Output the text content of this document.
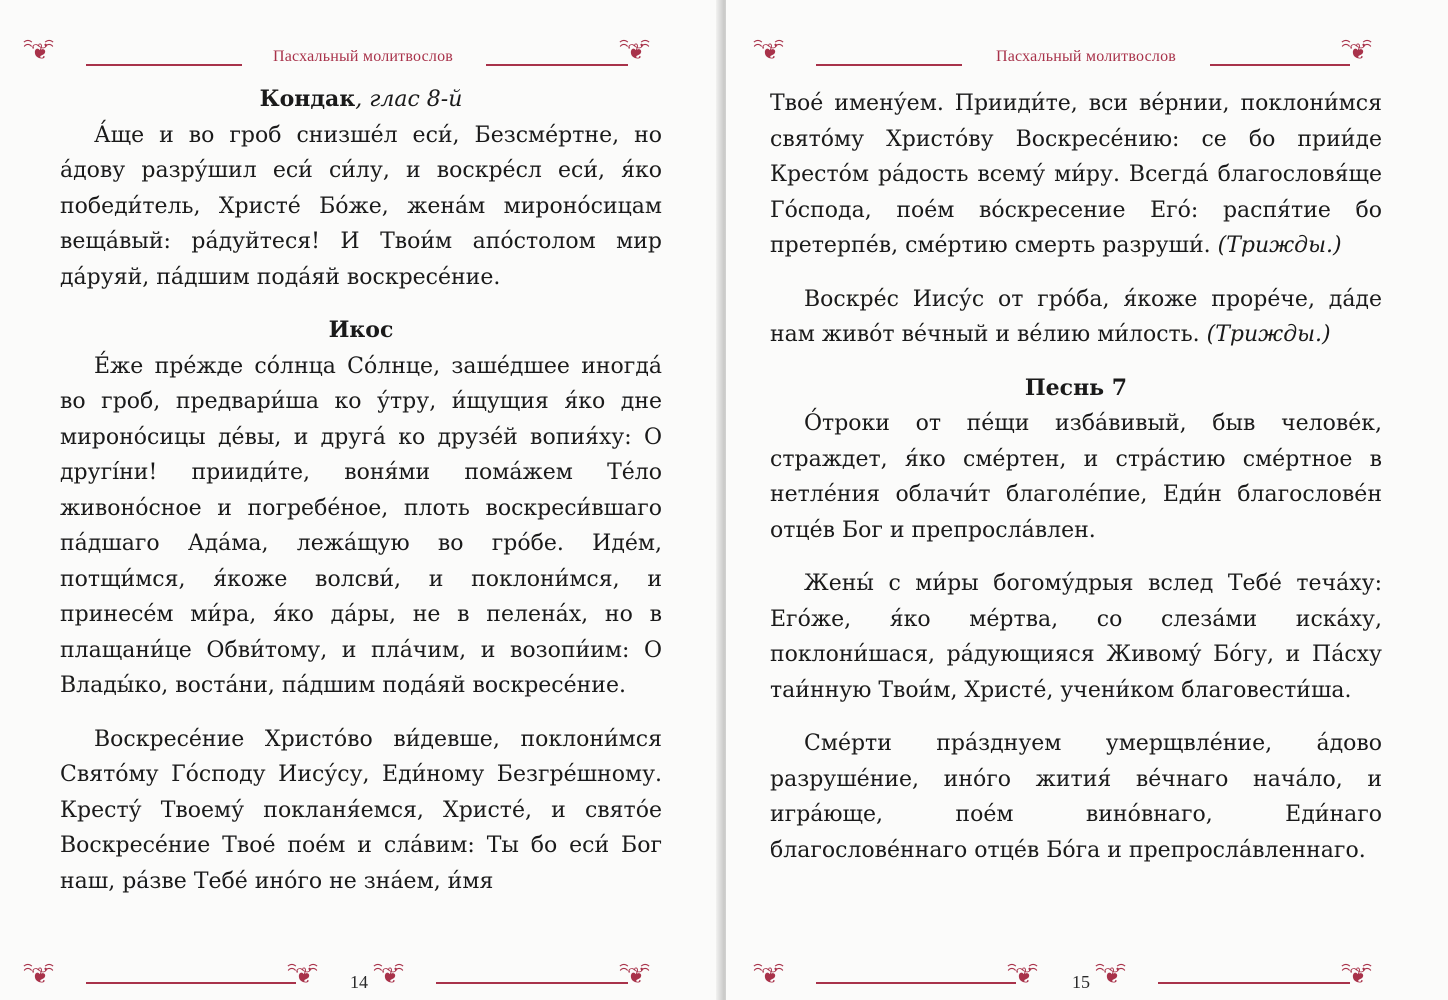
ꩰ❦ꩰ	Пасхальный молитвослов	ꩰ❦ꩰ
Кондак, глас 8-й

А́ще и во гроб снизше́л еси́, Безсме́ртне, но а́дову разру́шил еси́ си́лу, и воскре́сл еси́, я́ко победи́тель, Христе́ Бо́же, жена́м мироно́сицам веща́вый: ра́дуйтеся! И Твои́м апо́столом мир да́руяй, па́дшим пода́яй воскресе́ние.

Икос

Е́же пре́жде со́лнца Со́лнце, заше́дшее иногда́ во гроб, предвари́ша ко у́тру, и́щущия я́ко дне мироно́сицы де́вы, и друга́ ко друзе́й вопия́ху: О другíни! прииди́те, воня́ми пома́жем Те́ло живоно́сное и погребе́ное, плоть воскреси́вшаго па́дшаго Ада́ма, лежа́щую во гро́бе. Иде́м, потщи́мся, я́коже волсви́, и поклони́мся, и принесе́м ми́ра, я́ко да́ры, не в пелена́х, но в плащани́це Обви́тому, и пла́чим, и возопи́им: О Влады́ко, воста́ни, па́дшим пода́яй воскресе́ние.

Воскресе́ние Христо́во ви́девше, поклони́мся Свято́му Го́споду Иису́су, Еди́ному Безгре́шному. Кресту́ Твоему́ покланя́емся, Христе́, и свято́е Воскресе́ние Твое́ пое́м и сла́вим: Ты бо еси́ Бог наш, ра́зве Тебе́ ино́го не зна́ем, и́мя

ꩰ❦ꩰ	ꩰ❦ꩰ 14 ꩰ❦ꩰ	ꩰ❦ꩰ
ꩰ❦ꩰ	Пасхальный молитвослов	ꩰ❦ꩰ

Твое́ имену́ем. Прииди́те, вси ве́рнии, поклони́мся свято́му Христо́ву Воскресе́нию: се бо прии́де Кресто́м ра́дость всему́ ми́ру. Всегда́ благословя́ще Го́спода, пое́м во́скресение Его́: распя́тие бо претерпе́в, сме́ртию смерть разруши́. (Трижды.)

Воскре́с Иису́с от гро́ба, я́коже проре́че, да́де нам живо́т ве́чный и ве́лию ми́лость. (Трижды.)

Песнь 7

О́троки от пе́щи изба́вивый, быв челове́к, страждет, я́ко сме́ртен, и стра́стию сме́ртное в нетле́ния облачи́т благоле́пие, Еди́н благослове́н отце́в Бог и препросла́влен.

Жены́ с ми́ры богому́дрыя вслед Тебе́ теча́ху: Его́же, я́ко ме́ртва, со слеза́ми иска́ху, поклони́шася, ра́дующияся Живому́ Бо́гу, и Па́сху таи́нную Твои́м, Христе́, учени́ком благовести́ша.

Сме́рти пра́зднуем умерщвле́ние, а́дово разруше́ние, ино́го жития́ ве́чнаго нача́ло, и игра́юще, пое́м вино́внаго, Еди́наго благослове́ннаго отце́в Бо́га и препросла́вленнаго.

ꩰ❦ꩰ	ꩰ❦ꩰ 15 ꩰ❦ꩰ	ꩰ❦ꩰ
